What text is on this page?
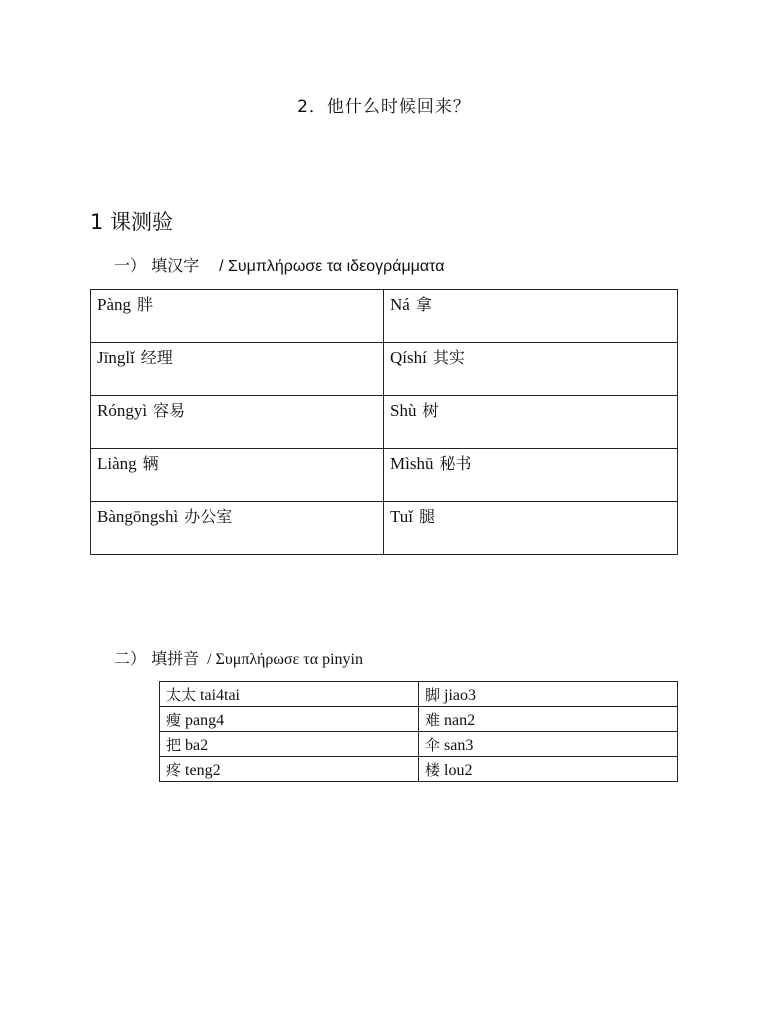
2．他什么时候回来？
1 课测验
一） 填汉字 / Συμπλήρωσε τα ιδεογράμματα
Pàng 胖	Ná 拿
Jīnglǐ 经理	Qíshí 其实
Róngyì 容易	Shù 树
Liàng 辆	Mìshū 秘书
Bàngōngshì 办公室	Tuǐ 腿
二） 填拼音 / Συμπλήρωσε τα pinyin
太太 tai4tai	脚 jiao3
瘦 pang4	难 nan2
把 ba2	伞 san3
疼 teng2	楼 lou2
